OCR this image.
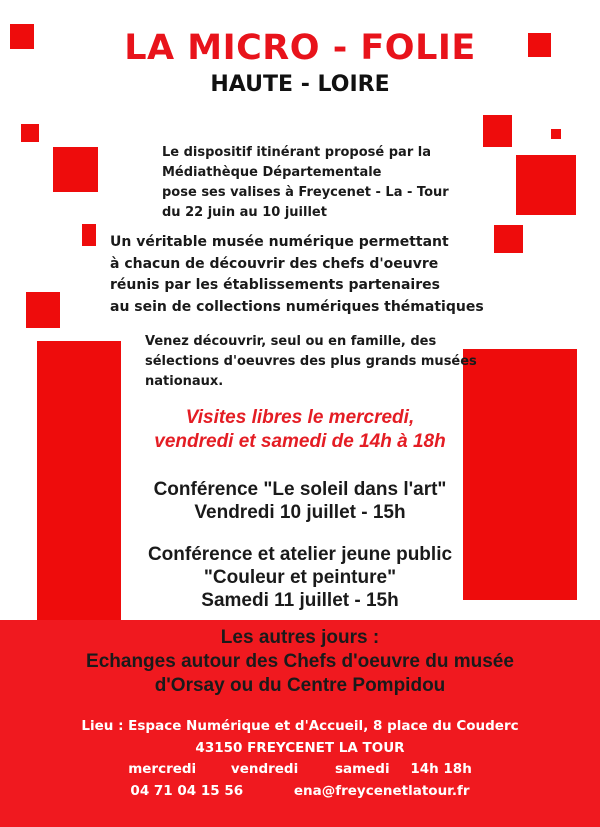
LA MICRO - FOLIE
HAUTE - LOIRE
Le dispositif itinérant proposé par la
Médiathèque Départementale
pose ses valises à Freycenet - La - Tour
du 22 juin au 10 juillet
Un véritable musée numérique permettant
à chacun de découvrir des chefs d'oeuvre
réunis par les établissements partenaires
au sein de collections numériques thématiques
Venez découvrir, seul ou en famille, des
sélections d'oeuvres des plus grands musées
nationaux.
Visites libres le mercredi,
vendredi et samedi de 14h à 18h
Conférence "Le soleil dans l'art"
Vendredi 10 juillet - 15h
Conférence et atelier jeune public
"Couleur et peinture"
Samedi 11 juillet - 15h
Les autres jours :
Echanges autour des Chefs d'oeuvre du musée
d'Orsay ou du Centre Pompidou
Lieu : Espace Numérique et d'Accueil, 8 place du Couderc
43150 FREYCENET LA TOUR
mercredi	vendredi	samedi 14h 18h
04 71 04 15 56	ena@freycenetlatour.fr
